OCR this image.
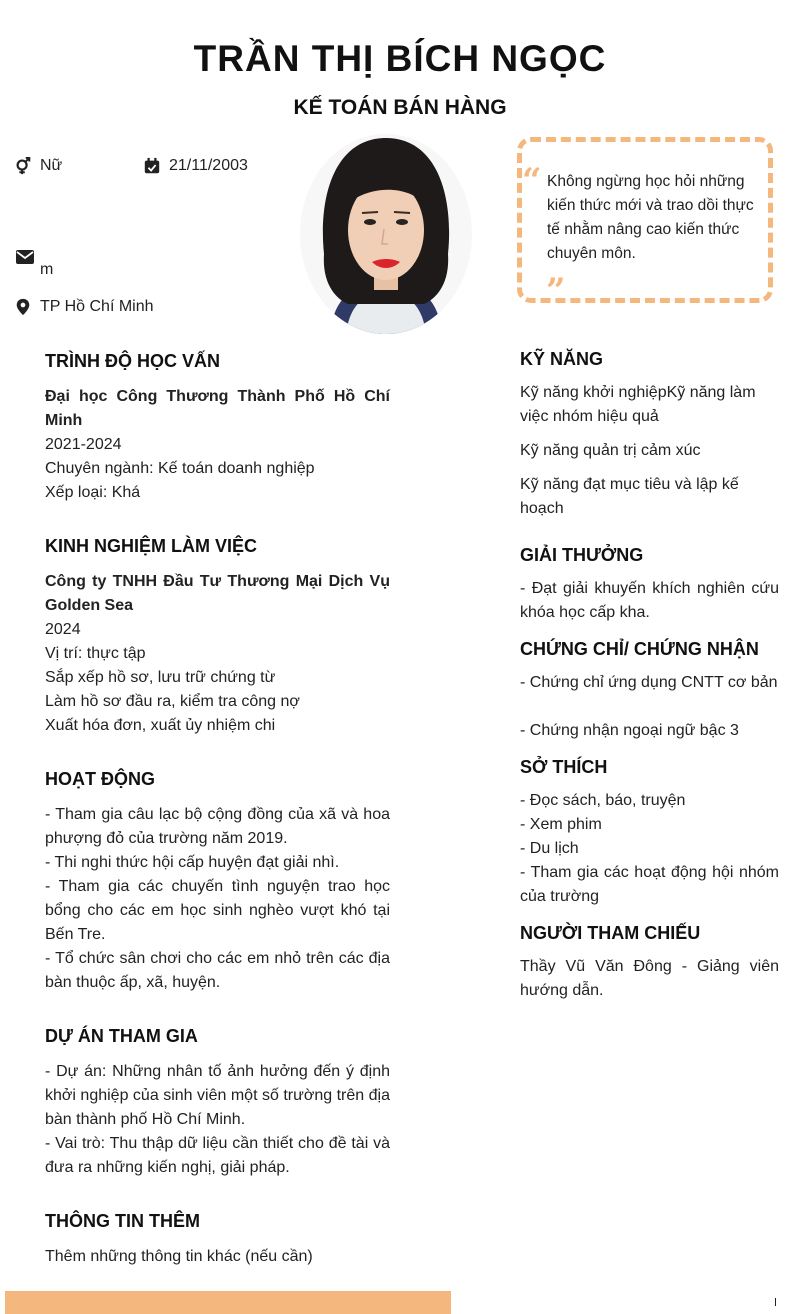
TRẦN THỊ BÍCH NGỌC
KẾ TOÁN BÁN HÀNG
Nữ	21/11/2003
m
TP Hồ Chí Minh
“ Không ngừng học hỏi những kiến thức mới và trao dồi thực tế nhằm nâng cao kiến thức chuyên môn.
”
TRÌNH ĐỘ HỌC VẤN
Đại học Công Thương Thành Phố Hồ Chí Minh
2021-2024
Chuyên ngành: Kế toán doanh nghiệp
Xếp loại: Khá
KINH NGHIỆM LÀM VIỆC
Công ty TNHH Đầu Tư Thương Mại Dịch Vụ Golden Sea
2024
Vị trí: thực tập
Sắp xếp hồ sơ, lưu trữ chứng từ
Làm hồ sơ đầu ra, kiểm tra công nợ
Xuất hóa đơn, xuất ủy nhiệm chi
HOẠT ĐỘNG
- Tham gia câu lạc bộ cộng đồng của xã và hoa phượng đỏ của trường năm 2019.
- Thi nghi thức hội cấp huyện đạt giải nhì.
- Tham gia các chuyến tình nguyện trao học bổng cho các em học sinh nghèo vượt khó tại Bến Tre.
- Tổ chức sân chơi cho các em nhỏ trên các địa bàn thuộc ấp, xã, huyện.
DỰ ÁN THAM GIA
- Dự án: Những nhân tố ảnh hưởng đến ý định khởi nghiệp của sinh viên một số trường trên địa bàn thành phố Hồ Chí Minh.
- Vai trò: Thu thập dữ liệu cần thiết cho đề tài và đưa ra những kiến nghị, giải pháp.
THÔNG TIN THÊM
Thêm những thông tin khác (nếu cần)
KỸ NĂNG
Kỹ năng khởi nghiệpKỹ năng làm việc nhóm hiệu quả
Kỹ năng quản trị cảm xúc
Kỹ năng đạt mục tiêu và lập kế hoạch
GIẢI THƯỞNG
- Đạt giải khuyến khích nghiên cứu khóa học cấp kha.
CHỨNG CHỈ/ CHỨNG NHẬN
- Chứng chỉ ứng dụng CNTT cơ bản
- Chứng nhận ngoại ngữ bậc 3
SỞ THÍCH
- Đọc sách, báo, truyện
- Xem phim
- Du lịch
- Tham gia các hoạt động hội nhóm của trường
NGƯỜI THAM CHIẾU
Thầy Vũ Văn Đông - Giảng viên hướng dẫn.
